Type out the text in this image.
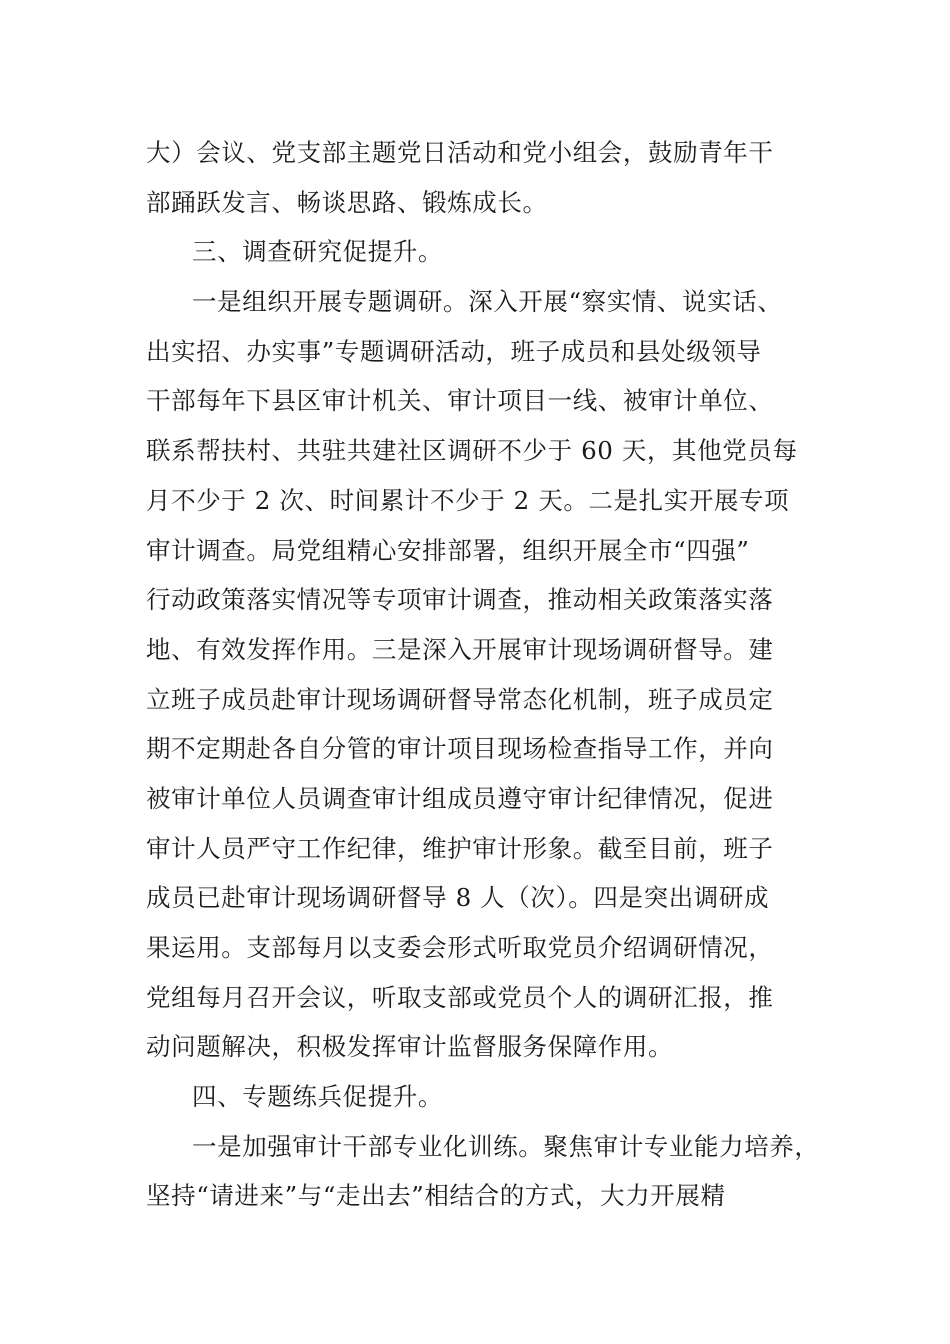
大）会议、党支部主题党日活动和党小组会，鼓励青年干
部踊跃发言、畅谈思路、锻炼成长。
三、调查研究促提升。
一是组织开展专题调研。深入开展“察实情、说实话、
出实招、办实事”专题调研活动，班子成员和县处级领导
干部每年下县区审计机关、审计项目一线、被审计单位、
联系帮扶村、共驻共建社区调研不少于 60 天，其他党员每
月不少于 2 次、时间累计不少于 2 天。二是扎实开展专项
审计调查。局党组精心安排部署，组织开展全市“四强”
行动政策落实情况等专项审计调查，推动相关政策落实落
地、有效发挥作用。三是深入开展审计现场调研督导。建
立班子成员赴审计现场调研督导常态化机制，班子成员定
期不定期赴各自分管的审计项目现场检查指导工作，并向
被审计单位人员调查审计组成员遵守审计纪律情况，促进
审计人员严守工作纪律，维护审计形象。截至目前，班子
成员已赴审计现场调研督导 8 人（次）。四是突出调研成
果运用。支部每月以支委会形式听取党员介绍调研情况，
党组每月召开会议，听取支部或党员个人的调研汇报，推
动问题解决，积极发挥审计监督服务保障作用。
四、专题练兵促提升。
一是加强审计干部专业化训练。聚焦审计专业能力培养，
坚持“请进来”与“走出去”相结合的方式，大力开展精
